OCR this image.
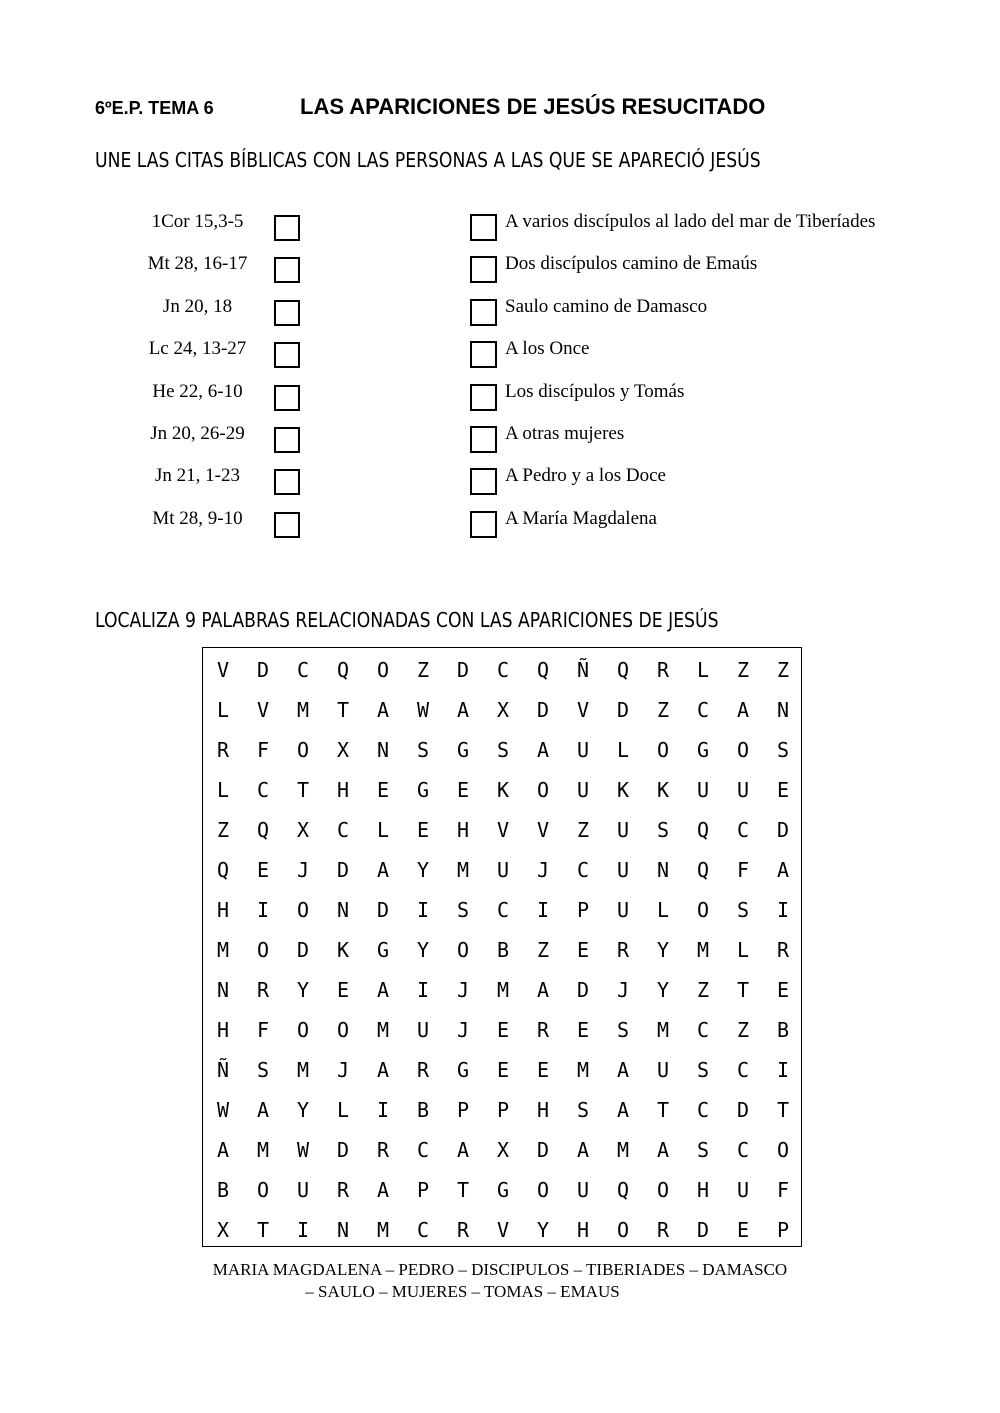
6ºE.P. TEMA 6	LAS APARICIONES DE JESÚS RESUCITADO
UNE LAS CITAS BÍBLICAS CON LAS PERSONAS A LAS QUE SE APARECIÓ JESÚS
1Cor 15,3-5
Mt 28, 16-17
Jn 20, 18
Lc 24, 13-27
He 22, 6-10
Jn 20, 26-29
Jn 21, 1-23
Mt 28, 9-10
A varios discípulos al lado del mar de Tiberíades
Dos discípulos camino de Emaús
Saulo camino de Damasco
A los Once
Los discípulos y Tomás
A otras mujeres
A Pedro y a los Doce
A María Magdalena
LOCALIZA 9 PALABRAS RELACIONADAS CON LAS APARICIONES DE JESÚS
V	D	C	Q	O	Z	D	C	Q	Ñ	Q	R	L	Z	Z
L	V	M	T	A	W	A	X	D	V	D	Z	C	A	N
R	F	O	X	N	S	G	S	A	U	L	O	G	O	S
L	C	T	H	E	G	E	K	O	U	K	K	U	U	E
Z	Q	X	C	L	E	H	V	V	Z	U	S	Q	C	D
Q	E	J	D	A	Y	M	U	J	C	U	N	Q	F	A
H	I	O	N	D	I	S	C	I	P	U	L	O	S	I
M	O	D	K	G	Y	O	B	Z	E	R	Y	M	L	R
N	R	Y	E	A	I	J	M	A	D	J	Y	Z	T	E
H	F	O	O	M	U	J	E	R	E	S	M	C	Z	B
Ñ	S	M	J	A	R	G	E	E	M	A	U	S	C	I
W	A	Y	L	I	B	P	P	H	S	A	T	C	D	T
A	M	W	D	R	C	A	X	D	A	M	A	S	C	O
B	O	U	R	A	P	T	G	O	U	Q	O	H	U	F
X	T	I	N	M	C	R	V	Y	H	O	R	D	E	P
MARIA MAGDALENA – PEDRO – DISCIPULOS – TIBERIADES – DAMASCO
– SAULO – MUJERES – TOMAS – EMAUS
